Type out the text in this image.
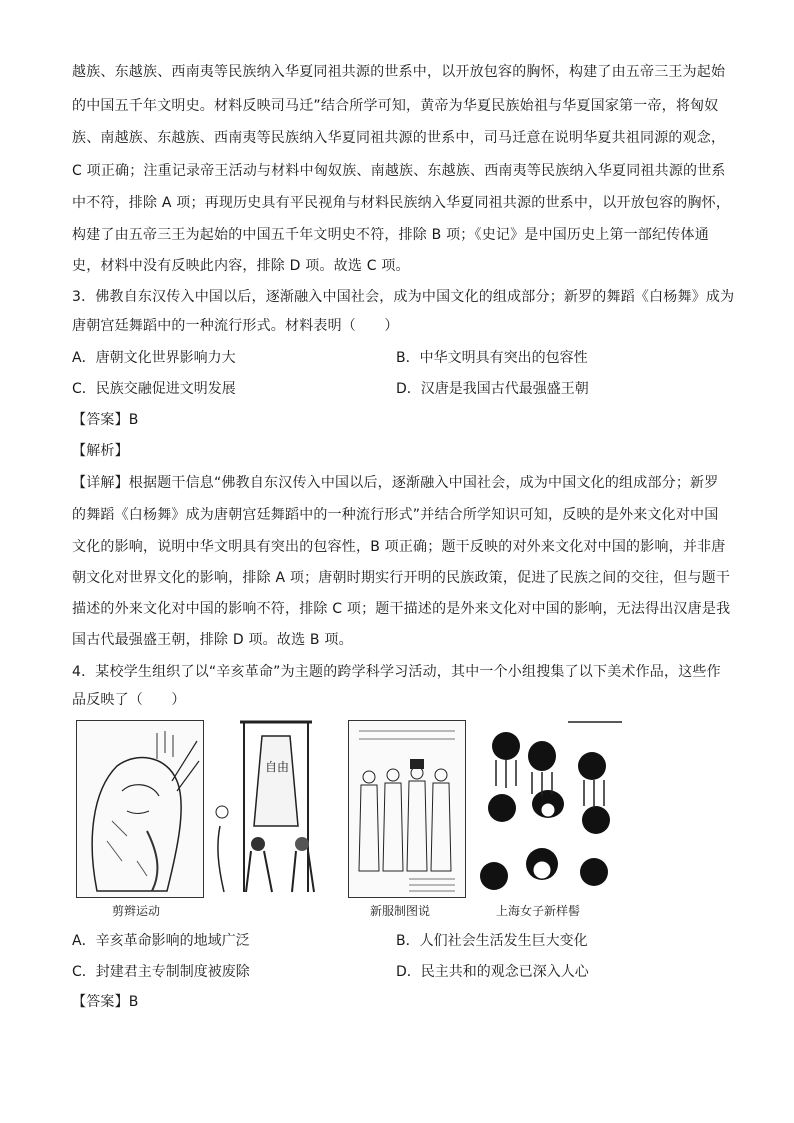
越族、东越族、西南夷等民族纳入华夏同祖共源的世系中，以开放包容的胸怀，构建了由五帝三王为起始
的中国五千年文明史。材料反映司马迁”结合所学可知，黄帝为华夏民族始祖与华夏国家第一帝，将匈奴
族、南越族、东越族、西南夷等民族纳入华夏同祖共源的世系中，司马迁意在说明华夏共祖同源的观念，
C 项正确；注重记录帝王活动与材料中匈奴族、南越族、东越族、西南夷等民族纳入华夏同祖共源的世系
中不符，排除 A 项；再现历史具有平民视角与材料民族纳入华夏同祖共源的世系中，以开放包容的胸怀，
构建了由五帝三王为起始的中国五千年文明史不符，排除 B 项；《史记》是中国历史上第一部纪传体通
史，材料中没有反映此内容，排除 D 项。故选 C 项。
3．佛教自东汉传入中国以后，逐渐融入中国社会，成为中国文化的组成部分；新罗的舞蹈《白杨舞》成为
唐朝宫廷舞蹈中的一种流行形式。材料表明（　　）
A．唐朝文化世界影响力大	B．中华文明具有突出的包容性
C．民族交融促进文明发展	D．汉唐是我国古代最强盛王朝
【答案】B
【解析】
【详解】根据题干信息“佛教自东汉传入中国以后，逐渐融入中国社会，成为中国文化的组成部分；新罗
的舞蹈《白杨舞》成为唐朝宫廷舞蹈中的一种流行形式”并结合所学知识可知，反映的是外来文化对中国
文化的影响，说明中华文明具有突出的包容性，B 项正确；题干反映的对外来文化对中国的影响，并非唐
朝文化对世界文化的影响，排除 A 项；唐朝时期实行开明的民族政策，促进了民族之间的交往，但与题干
描述的外来文化对中国的影响不符，排除 C 项；题干描述的是外来文化对中国的影响，无法得出汉唐是我
国古代最强盛王朝，排除 D 项。故选 B 项。
4．某校学生组织了以“辛亥革命”为主题的跨学科学习活动，其中一个小组搜集了以下美术作品，这些作
品反映了（　　）
自由
剪辫运动	新服制图说	上海女子新样髻
A．辛亥革命影响的地域广泛	B．人们社会生活发生巨大变化
C．封建君主专制制度被废除	D．民主共和的观念已深入人心
【答案】B
